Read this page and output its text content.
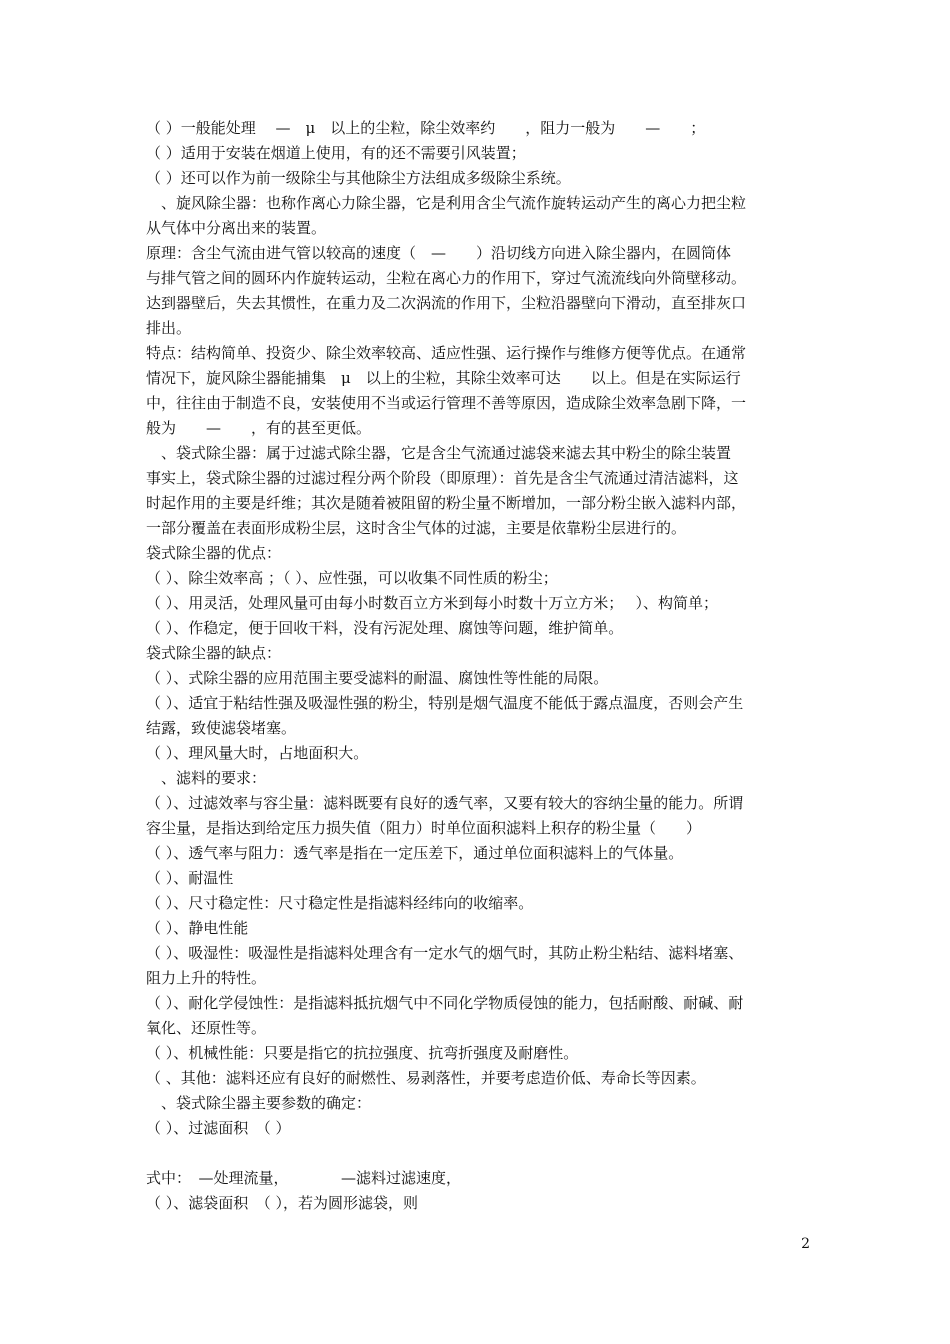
（ ）一般能处理　 —　μ　以上的尘粒，除尘效率约　　，阻力一般为　　—　　；
（ ）适用于安装在烟道上使用，有的还不需要引风装置；
（ ）还可以作为前一级除尘与其他除尘方法组成多级除尘系统。
　、旋风除尘器：也称作离心力除尘器，它是利用含尘气流作旋转运动产生的离心力把尘粒
从气体中分离出来的装置。
原理：含尘气流由进气管以较高的速度（　—　　）沿切线方向进入除尘器内，在圆筒体
与排气管之间的圆环内作旋转运动，尘粒在离心力的作用下，穿过气流流线向外筒壁移动。
达到器壁后，失去其惯性，在重力及二次涡流的作用下，尘粒沿器壁向下滑动，直至排灰口
排出。
特点：结构简单、投资少、除尘效率较高、适应性强、运行操作与维修方便等优点。在通常
情况下，旋风除尘器能捕集　μ　以上的尘粒，其除尘效率可达　　以上。但是在实际运行
中，往往由于制造不良，安装使用不当或运行管理不善等原因，造成除尘效率急剧下降，一
般为　　—　　，有的甚至更低。
　、袋式除尘器：属于过滤式除尘器，它是含尘气流通过滤袋来滤去其中粉尘的除尘装置
事实上，袋式除尘器的过滤过程分两个阶段（即原理）：首先是含尘气流通过清洁滤料，这
时起作用的主要是纤维；其次是随着被阻留的粉尘量不断增加，一部分粉尘嵌入滤料内部，
一部分覆盖在表面形成粉尘层，这时含尘气体的过滤，主要是依靠粉尘层进行的。
袋式除尘器的优点：
（ ）、除尘效率高 ；（ ）、应性强，可以收集不同性质的粉尘；
（ ）、用灵活，处理风量可由每小时数百立方米到每小时数十万立方米；　 ）、构简单；
（ ）、作稳定，便于回收干料，没有污泥处理、腐蚀等问题，维护简单。
袋式除尘器的缺点：
（ ）、式除尘器的应用范围主要受滤料的耐温、腐蚀性等性能的局限。
（ ）、适宜于粘结性强及吸湿性强的粉尘，特别是烟气温度不能低于露点温度，否则会产生
结露，致使滤袋堵塞。
（ ）、理风量大时，占地面积大。
　、滤料的要求：
（ ）、过滤效率与容尘量：滤料既要有良好的透气率，又要有较大的容纳尘量的能力。所谓
容尘量，是指达到给定压力损失值（阻力）时单位面积滤料上积存的粉尘量（　　）
（ ）、透气率与阻力：透气率是指在一定压差下，通过单位面积滤料上的气体量。
（ ）、耐温性
（ ）、尺寸稳定性：尺寸稳定性是指滤料经纬向的收缩率。
（ ）、静电性能
（ ）、吸湿性：吸湿性是指滤料处理含有一定水气的烟气时，其防止粉尘粘结、滤料堵塞、
阻力上升的特性。
（ ）、耐化学侵蚀性：是指滤料抵抗烟气中不同化学物质侵蚀的能力，包括耐酸、耐碱、耐
氧化、还原性等。
（ ）、机械性能：只要是指它的抗拉强度、抗弯折强度及耐磨性。
（ 、其他：滤料还应有良好的耐燃性、易剥落性，并要考虑造价低、寿命长等因素。
　、袋式除尘器主要参数的确定：
（ ）、过滤面积　（ ）
式中：　—处理流量，　　　　—滤料过滤速度，
（ ）、滤袋面积　（ ），若为圆形滤袋，则
2
